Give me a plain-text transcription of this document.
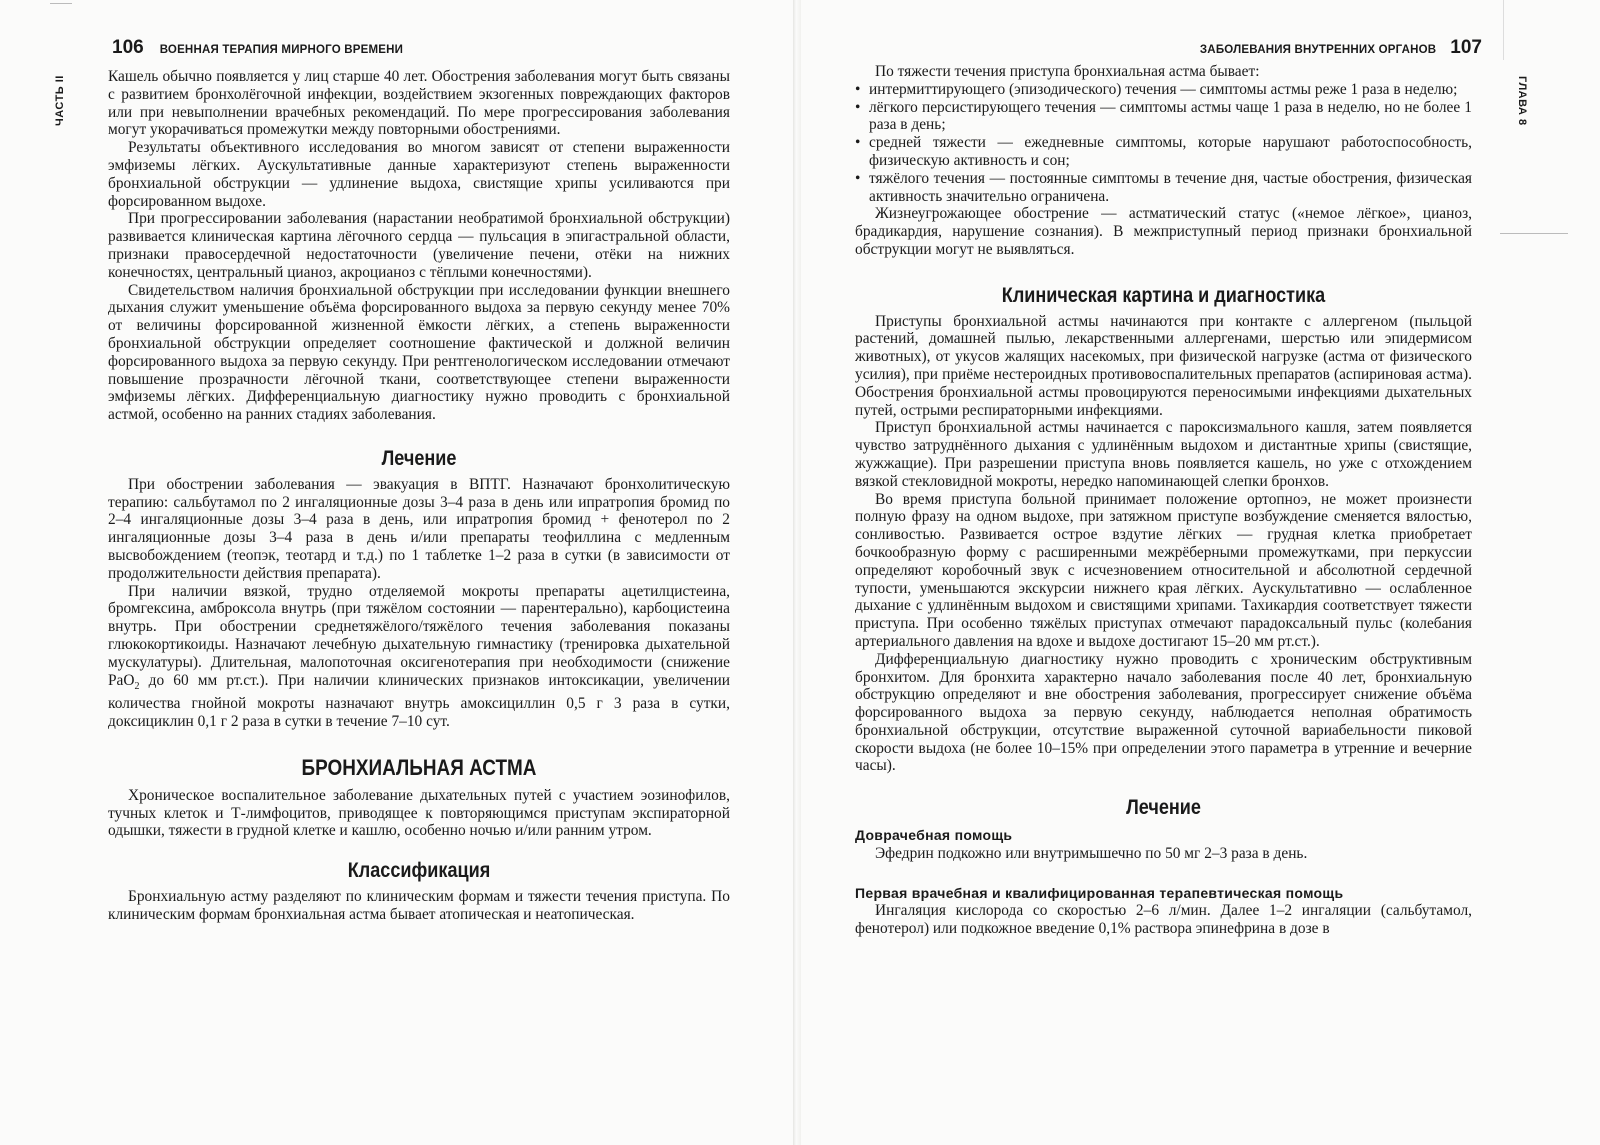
106 ВОЕННАЯ ТЕРАПИЯ МИРНОГО ВРЕМЕНИ
ЧАСТЬ II	Кашель обычно появляется у лиц старше 40 лет. Обострения заболевания могут быть связаны с развитием бронхолёгочной инфекции, воздействием экзогенных повреждающих факторов или при невыполнении врачебных рекомендаций. По мере прогрессирования заболевания могут укорачиваться промежутки между повторными обострениями.

Результаты объективного исследования во многом зависят от степени выраженности эмфиземы лёгких. Аускультативные данные характеризуют степень выраженности бронхиальной обструкции — удлинение выдоха, свистящие хрипы усиливаются при форсированном выдохе.

При прогрессировании заболевания (нарастании необратимой бронхиальной обструкции) развивается клиническая картина лёгочного сердца — пульсация в эпигастральной области, признаки правосердечной недостаточности (увеличение печени, отёки на нижних конечностях, центральный цианоз, акроцианоз с тёплыми конечностями).

Свидетельством наличия бронхиальной обструкции при исследовании функции внешнего дыхания служит уменьшение объёма форсированного выдоха за первую секунду менее 70% от величины форсированной жизненной ёмкости лёгких, а степень выраженности бронхиальной обструкции определяет соотношение фактической и должной величин форсированного выдоха за первую секунду. При рентгенологическом исследовании отмечают повышение прозрачности лёгочной ткани, соответствующее степени выраженности эмфиземы лёгких. Дифференциальную диагностику нужно проводить с бронхиальной астмой, особенно на ранних стадиях заболевания.

Лечение

При обострении заболевания — эвакуация в ВПТГ. Назначают бронхолитическую терапию: сальбутамол по 2 ингаляционные дозы 3–4 раза в день или ипратропия бромид по 2–4 ингаляционные дозы 3–4 раза в день, или ипратропия бромид + фенотерол по 2 ингаляционные дозы 3–4 раза в день и/или препараты теофиллина с медленным высвобождением (теопэк, теотард и т.д.) по 1 таблетке 1–2 раза в сутки (в зависимости от продолжительности действия препарата).

При наличии вязкой, трудно отделяемой мокроты препараты ацетилцистеина, бромгексина, амброксола внутрь (при тяжёлом состоянии — парентерально), карбоцистеина внутрь. При обострении среднетяжёлого/тяжёлого течения заболевания показаны глюкокортикоиды. Назначают лечебную дыхательную гимнастику (тренировка дыхательной мускулатуры). Длительная, малопоточная оксигенотерапия при необходимости (снижение PaO$_2$ до 60 мм рт.ст.). При наличии клинических признаков интоксикации, увеличении количества гнойной мокроты назначают внутрь амоксициллин 0,5 г 3 раза в сутки, доксициклин 0,1 г 2 раза в сутки в течение 7–10 сут.

БРОНХИАЛЬНАЯ АСТМА

Хроническое воспалительное заболевание дыхательных путей с участием эозинофилов, тучных клеток и Т-лимфоцитов, приводящее к повторяющимся приступам экспираторной одышки, тяжести в грудной клетке и кашлю, особенно ночью и/или ранним утром.

Классификация

Бронхиальную астму разделяют по клиническим формам и тяжести течения приступа. По клиническим формам бронхиальная астма бывает атопическая и неатопическая.

ЗАБОЛЕВАНИЯ ВНУТРЕННИХ ОРГАНОВ 107
ГЛАВА 8

По тяжести течения приступа бронхиальная астма бывает:

• интермиттирующего (эпизодического) течения — симптомы астмы реже 1 раза в неделю;
• лёгкого персистирующего течения — симптомы астмы чаще 1 раза в неделю, но не более 1 раза в день;
• средней тяжести — ежедневные симптомы, которые нарушают работоспособность, физическую активность и сон;
• тяжёлого течения — постоянные симптомы в течение дня, частые обострения, физическая активность значительно ограничена.

Жизнеугрожающее обострение — астматический статус («немое лёгкое», цианоз, брадикардия, нарушение сознания). В межприступный период признаки бронхиальной обструкции могут не выявляться.

Клиническая картина и диагностика

Приступы бронхиальной астмы начинаются при контакте с аллергеном (пыльцой растений, домашней пылью, лекарственными аллергенами, шерстью или эпидермисом животных), от укусов жалящих насекомых, при физической нагрузке (астма от физического усилия), при приёме нестероидных противовоспалительных препаратов (аспириновая астма). Обострения бронхиальной астмы провоцируются переносимыми инфекциями дыхательных путей, острыми респираторными инфекциями.

Приступ бронхиальной астмы начинается с пароксизмального кашля, затем появляется чувство затруднённого дыхания с удлинённым выдохом и дистантные хрипы (свистящие, жужжащие). При разрешении приступа вновь появляется кашель, но уже с отхождением вязкой стекловидной мокроты, нередко напоминающей слепки бронхов.

Во время приступа больной принимает положение ортопноэ, не может произнести полную фразу на одном выдохе, при затяжном приступе возбуждение сменяется вялостью, сонливостью. Развивается острое вздутие лёгких — грудная клетка приобретает бочкообразную форму с расширенными межрёберными промежутками, при перкуссии определяют коробочный звук с исчезновением относительной и абсолютной сердечной тупости, уменьшаются экскурсии нижнего края лёгких. Аускультативно — ослабленное дыхание с удлинённым выдохом и свистящими хрипами. Тахикардия соответствует тяжести приступа. При особенно тяжёлых приступах отмечают парадоксальный пульс (колебания артериального давления на вдохе и выдохе достигают 15–20 мм рт.ст.).

Дифференциальную диагностику нужно проводить с хроническим обструктивным бронхитом. Для бронхита характерно начало заболевания после 40 лет, бронхиальную обструкцию определяют и вне обострения заболевания, прогрессирует снижение объёма форсированного выдоха за первую секунду, наблюдается неполная обратимость бронхиальной обструкции, отсутствие выраженной суточной вариабельности пиковой скорости выдоха (не более 10–15% при определении этого параметра в утренние и вечерние часы).

Лечение
Доврачебная помощь

Эфедрин подкожно или внутримышечно по 50 мг 2–3 раза в день.

Первая врачебная и квалифицированная терапевтическая помощь

Ингаляция кислорода со скоростью 2–6 л/мин. Далее 1–2 ингаляции (сальбутамол, фенотерол) или подкожное введение 0,1% раствора эпинефрина в дозе в
